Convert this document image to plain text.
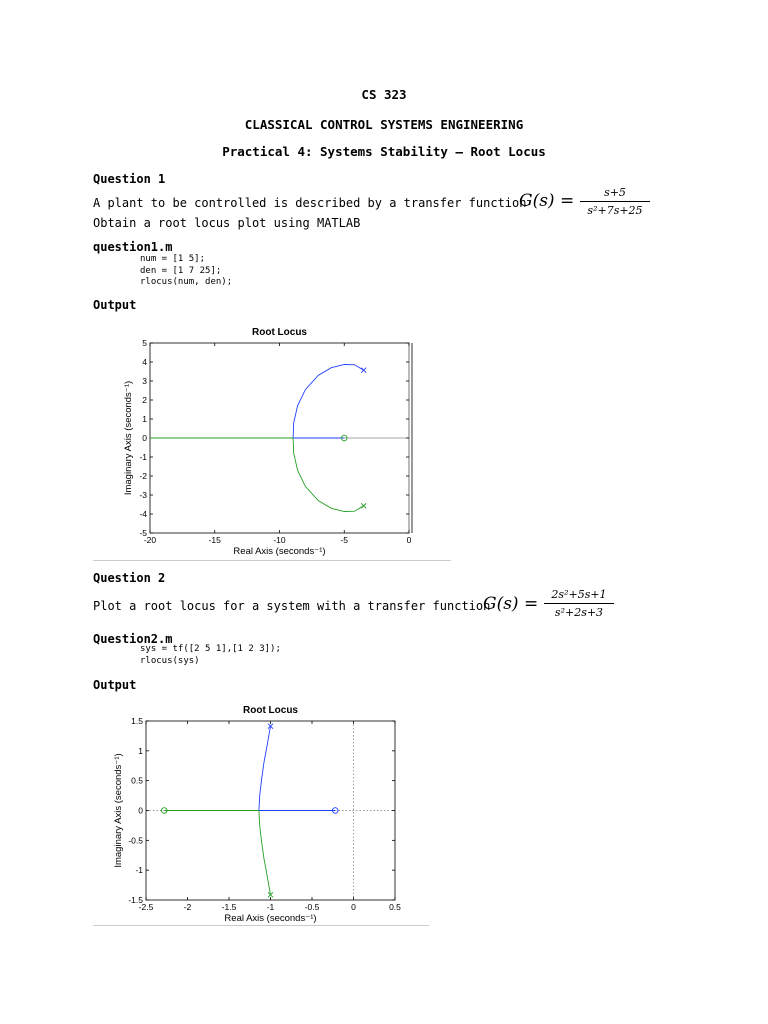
CS 323
CLASSICAL CONTROL SYSTEMS ENGINEERING
Practical 4: Systems Stability – Root Locus
Question 1
A plant to be controlled is described by a transfer function
G(s) =	s+5
s²+7s+25
Obtain a root locus plot using MATLAB
question1.m
num = [1 5];
den = [1 7 25];
rlocus(num, den);
Output
-20	-15	-10	-5	0
-5
-4
-3
-2
-1
0
1
2
3
4
5
Root Locus
Real Axis (seconds⁻¹)
Imaginary Axis (seconds⁻¹)
Question 2
Plot a root locus for a system with a transfer function
G(s) =	2s²+5s+1
s²+2s+3
Question2.m
sys = tf([2 5 1],[1 2 3]);
rlocus(sys)
Output
-2.5	-2	-1.5	-1	-0.5	0	0.5
-1.5
-1
-0.5
0
0.5
1
1.5
Root Locus
Real Axis (seconds⁻¹)
Imaginary Axis (seconds⁻¹)
